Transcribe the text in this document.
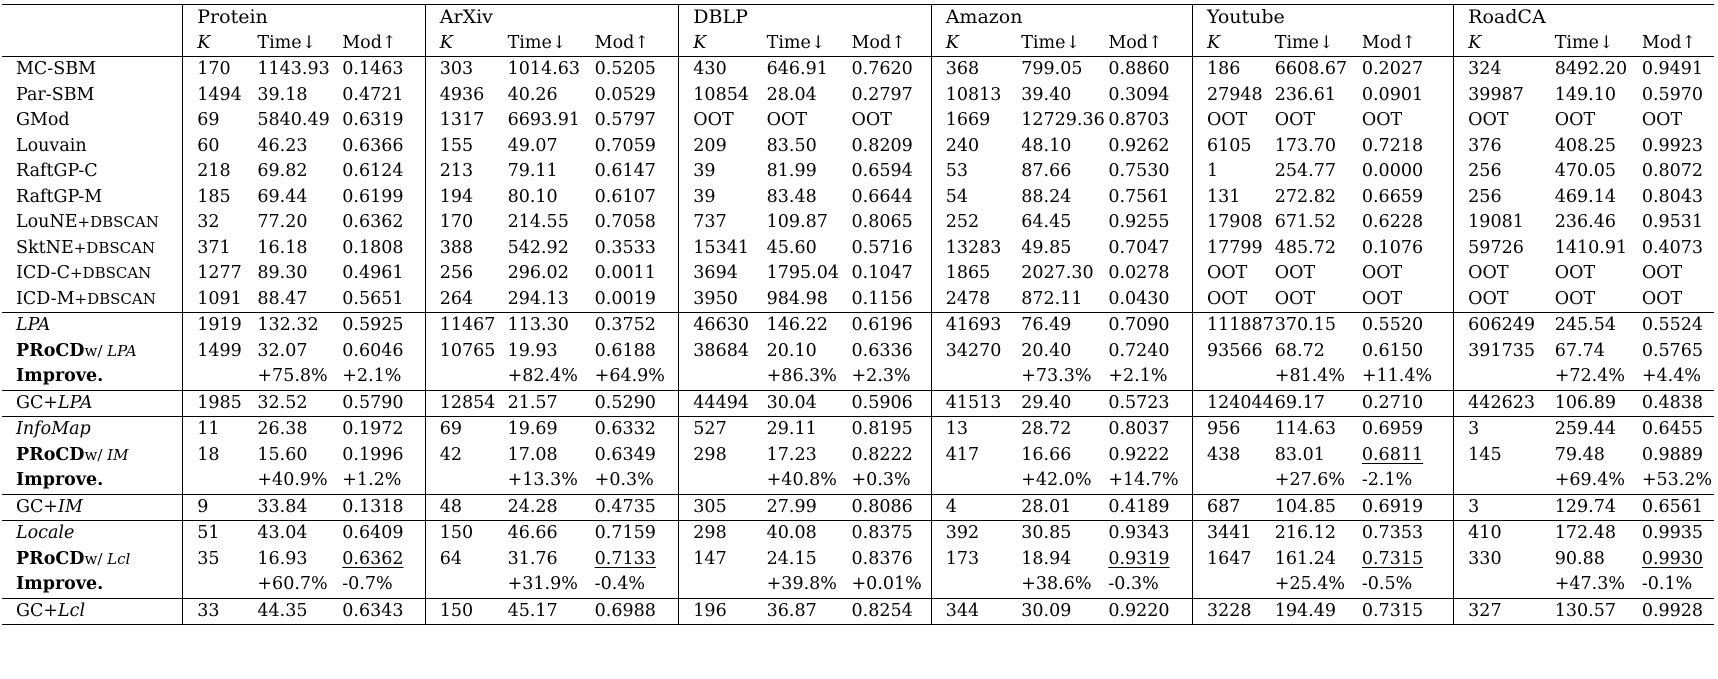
	Protein			ArXiv			DBLP			Amazon			Youtube			RoadCA		
	K	Time↓	Mod↑	K	Time↓	Mod↑	K	Time↓	Mod↑	K	Time↓	Mod↑	K	Time↓	Mod↑	K	Time↓	Mod↑
MC-SBM	170	1143.93	0.1463	303	1014.63	0.5205	430	646.91	0.7620	368	799.05	0.8860	186	6608.67	0.2027	324	8492.20	0.9491
Par-SBM	1494	39.18	0.4721	4936	40.26	0.0529	10854	28.04	0.2797	10813	39.40	0.3094	27948	236.61	0.0901	39987	149.10	0.5970
GMod	69	5840.49	0.6319	1317	6693.91	0.5797	OOT	OOT	OOT	1669	12729.36	0.8703	OOT	OOT	OOT	OOT	OOT	OOT
Louvain	60	46.23	0.6366	155	49.07	0.7059	209	83.50	0.8209	240	48.10	0.9262	6105	173.70	0.7218	376	408.25	0.9923
RaftGP-C	218	69.82	0.6124	213	79.11	0.6147	39	81.99	0.6594	53	87.66	0.7530	1	254.77	0.0000	256	470.05	0.8072
RaftGP-M	185	69.44	0.6199	194	80.10	0.6107	39	83.48	0.6644	54	88.24	0.7561	131	272.82	0.6659	256	469.14	0.8043
LouNE+DBSCAN	32	77.20	0.6362	170	214.55	0.7058	737	109.87	0.8065	252	64.45	0.9255	17908	671.52	0.6228	19081	236.46	0.9531
SktNE+DBSCAN	371	16.18	0.1808	388	542.92	0.3533	15341	45.60	0.5716	13283	49.85	0.7047	17799	485.72	0.1076	59726	1410.91	0.4073
ICD-C+DBSCAN	1277	89.30	0.4961	256	296.02	0.0011	3694	1795.04	0.1047	1865	2027.30	0.0278	OOT	OOT	OOT	OOT	OOT	OOT
ICD-M+DBSCAN	1091	88.47	0.5651	264	294.13	0.0019	3950	984.98	0.1156	2478	872.11	0.0430	OOT	OOT	OOT	OOT	OOT	OOT
LPA	1919	132.32	0.5925	11467	113.30	0.3752	46630	146.22	0.6196	41693	76.49	0.7090	111887	370.15	0.5520	606249	245.54	0.5524
PRoCDw/ LPA	1499	32.07	0.6046	10765	19.93	0.6188	38684	20.10	0.6336	34270	20.40	0.7240	93566	68.72	0.6150	391735	67.74	0.5765
Improve.		+75.8%	+2.1%		+82.4%	+64.9%		+86.3%	+2.3%		+73.3%	+2.1%		+81.4%	+11.4%		+72.4%	+4.4%
GC+LPA	1985	32.52	0.5790	12854	21.57	0.5290	44494	30.04	0.5906	41513	29.40	0.5723	124044	69.17	0.2710	442623	106.89	0.4838
InfoMap	11	26.38	0.1972	69	19.69	0.6332	527	29.11	0.8195	13	28.72	0.8037	956	114.63	0.6959	3	259.44	0.6455
PRoCDw/ IM	18	15.60	0.1996	42	17.08	0.6349	298	17.23	0.8222	417	16.66	0.9222	438	83.01	0.6811	145	79.48	0.9889
Improve.		+40.9%	+1.2%		+13.3%	+0.3%		+40.8%	+0.3%		+42.0%	+14.7%		+27.6%	-2.1%		+69.4%	+53.2%
GC+IM	9	33.84	0.1318	48	24.28	0.4735	305	27.99	0.8086	4	28.01	0.4189	687	104.85	0.6919	3	129.74	0.6561
Locale	51	43.04	0.6409	150	46.66	0.7159	298	40.08	0.8375	392	30.85	0.9343	3441	216.12	0.7353	410	172.48	0.9935
PRoCDw/ Lcl	35	16.93	0.6362	64	31.76	0.7133	147	24.15	0.8376	173	18.94	0.9319	1647	161.24	0.7315	330	90.88	0.9930
Improve.		+60.7%	-0.7%		+31.9%	-0.4%		+39.8%	+0.01%		+38.6%	-0.3%		+25.4%	-0.5%		+47.3%	-0.1%
GC+Lcl	33	44.35	0.6343	150	45.17	0.6988	196	36.87	0.8254	344	30.09	0.9220	3228	194.49	0.7315	327	130.57	0.9928
